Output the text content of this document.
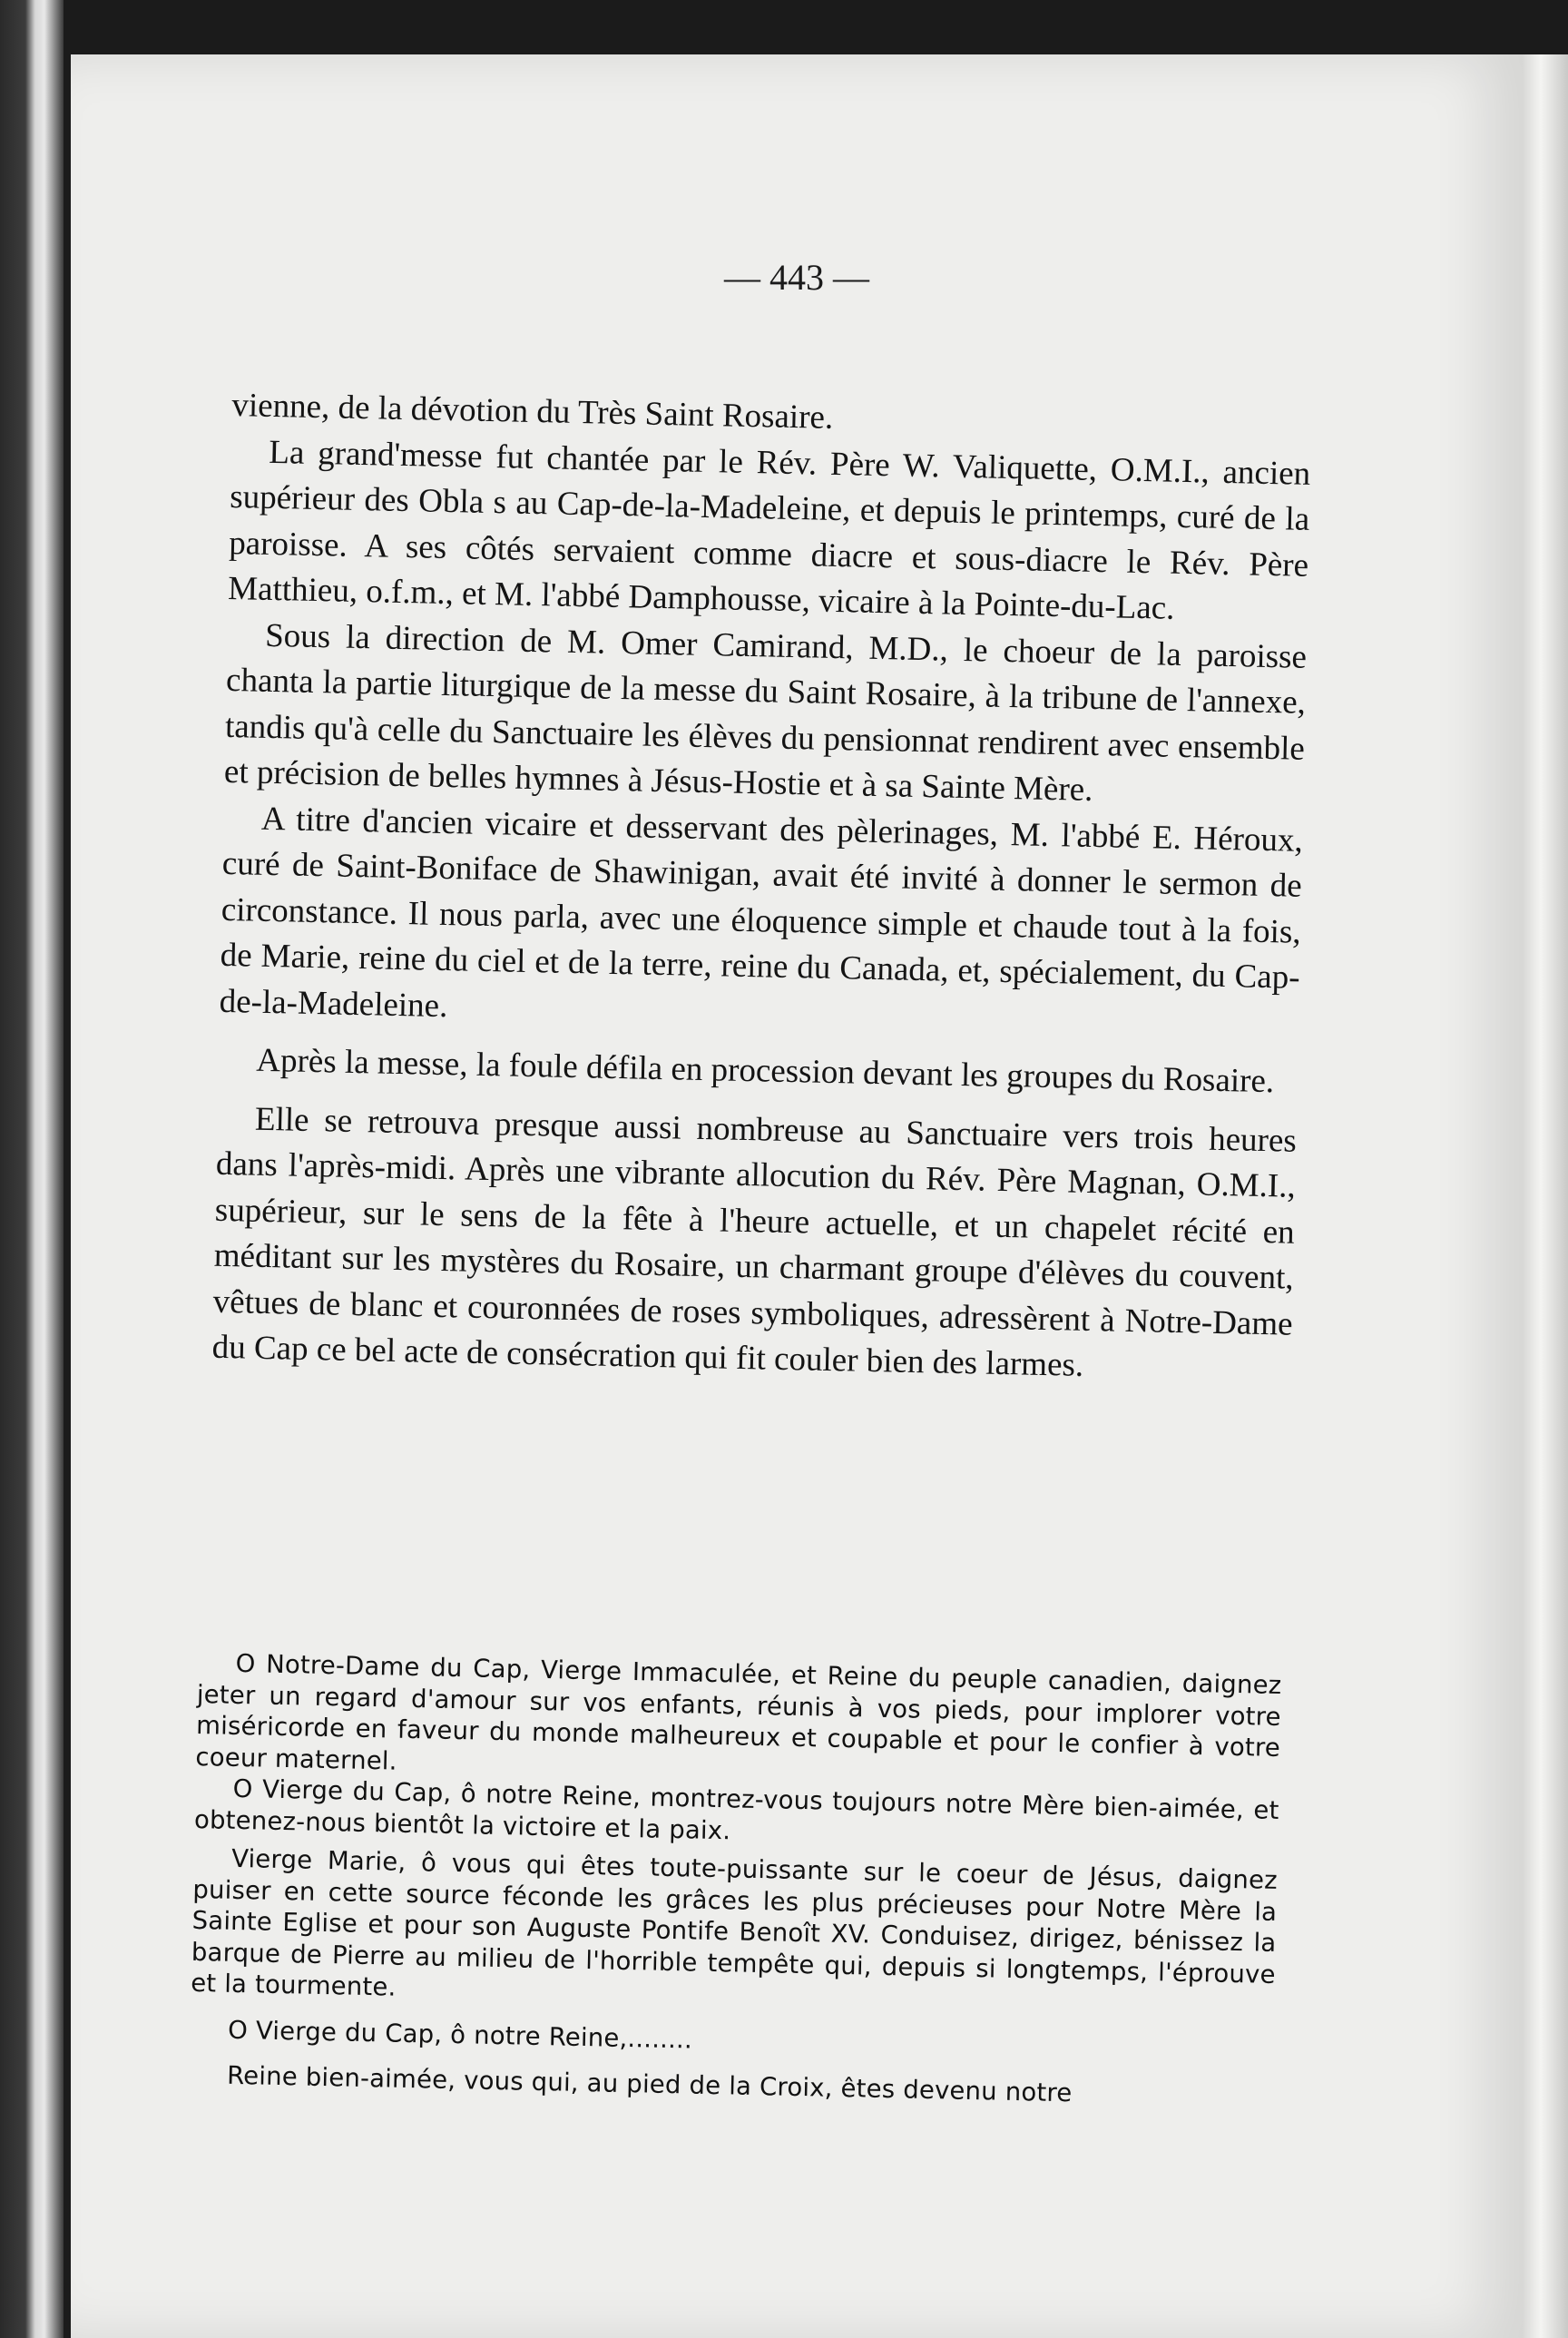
— 443 —

vienne, de la dévotion du Très Saint Rosaire.

La grand'messe fut chantée par le Rév. Père W. Valiquette, O.M.I., ancien supérieur des Obla s au Cap-de-la-Madeleine, et depuis le printemps, curé de la paroisse. A ses côtés servaient comme diacre et sous-diacre le Rév. Père Matthieu, o.f.m., et M. l'abbé Damphousse, vicaire à la Pointe-du-Lac.

Sous la direction de M. Omer Camirand, M.D., le choeur de la paroisse chanta la partie liturgique de la messe du Saint Rosaire, à la tribune de l'annexe, tandis qu'à celle du Sanctuaire les élèves du pensionnat rendirent avec ensemble et précision de belles hymnes à Jésus-Hostie et à sa Sainte Mère.

A titre d'ancien vicaire et desservant des pèlerinages, M. l'abbé E. Héroux, curé de Saint-Boniface de Shawinigan, avait été invité à donner le sermon de circonstance. Il nous parla, avec une éloquence simple et chaude tout à la fois, de Marie, reine du ciel et de la terre, reine du Canada, et, spécialement, du Cap-de-la-Madeleine.

Après la messe, la foule défila en procession devant les groupes du Rosaire.

Elle se retrouva presque aussi nombreuse au Sanctuaire vers trois heures dans l'après-midi. Après une vibrante allocution du Rév. Père Magnan, O.M.I., supérieur, sur le sens de la fête à l'heure actuelle, et un chapelet récité en méditant sur les mystères du Rosaire, un charmant groupe d'élèves du couvent, vêtues de blanc et couronnées de roses symboliques, adressèrent à Notre-Dame du Cap ce bel acte de consécration qui fit couler bien des larmes.

O Notre-Dame du Cap, Vierge Immaculée, et Reine du peuple canadien, daignez jeter un regard d'amour sur vos enfants, réunis à vos pieds, pour implorer votre miséricorde en faveur du monde malheureux et coupable et pour le confier à votre coeur maternel.

O Vierge du Cap, ô notre Reine, montrez-vous toujours notre Mère bien-aimée, et obtenez-nous bientôt la victoire et la paix.

Vierge Marie, ô vous qui êtes toute-puissante sur le coeur de Jésus, daignez puiser en cette source féconde les grâces les plus précieuses pour Notre Mère la Sainte Eglise et pour son Auguste Pontife Benoît XV. Conduisez, dirigez, bénissez la barque de Pierre au milieu de l'horrible tempête qui, depuis si longtemps, l'éprouve et la tourmente.

O Vierge du Cap, ô notre Reine,........

Reine bien-aimée, vous qui, au pied de la Croix, êtes devenu notre
